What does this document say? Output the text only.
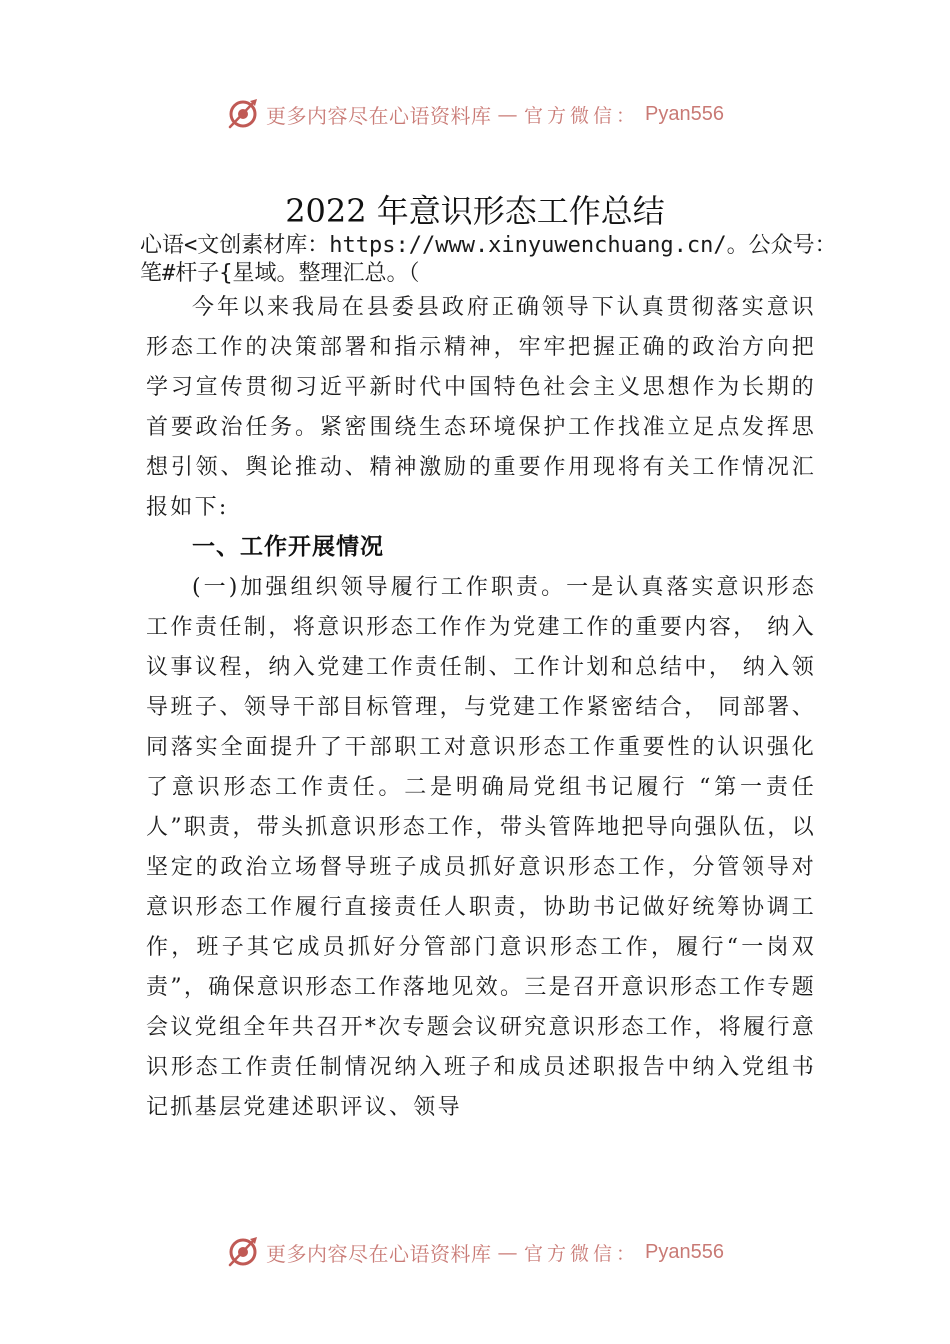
更多内容尽在心语资料库 — 官方微信： Pyan556
2022 年意识形态工作总结
心语<文创素材库：https://www.xinyuwenchuang.cn/。公众号：笔#杆子{星域。整理汇总。（
今年以来我局在县委县政府正确领导下认真贯彻落实意识形态工作的决策部署和指示精神，牢牢把握正确的政治方向把学习宣传贯彻习近平新时代中国特色社会主义思想作为长期的首要政治任务。紧密围绕生态环境保护工作找准立足点发挥思想引领、舆论推动、精神激励的重要作用现将有关工作情况汇报如下:
一、工作开展情况
(一)加强组织领导履行工作职责。一是认真落实意识形态工作责任制，将意识形态工作作为党建工作的重要内容， 纳入议事议程，纳入党建工作责任制、工作计划和总结中， 纳入领导班子、领导干部目标管理，与党建工作紧密结合， 同部署、同落实全面提升了干部职工对意识形态工作重要性的认识强化了意识形态工作责任。二是明确局党组书记履行 “第一责任人”职责，带头抓意识形态工作，带头管阵地把导向强队伍，以坚定的政治立场督导班子成员抓好意识形态工作，分管领导对意识形态工作履行直接责任人职责，协助书记做好统筹协调工作，班子其它成员抓好分管部门意识形态工作，履行“一岗双责”，确保意识形态工作落地见效。三是召开意识形态工作专题会议党组全年共召开*次专题会议研究意识形态工作，将履行意识形态工作责任制情况纳入班子和成员述职报告中纳入党组书记抓基层党建述职评议、领导
更多内容尽在心语资料库 — 官方微信： Pyan556
